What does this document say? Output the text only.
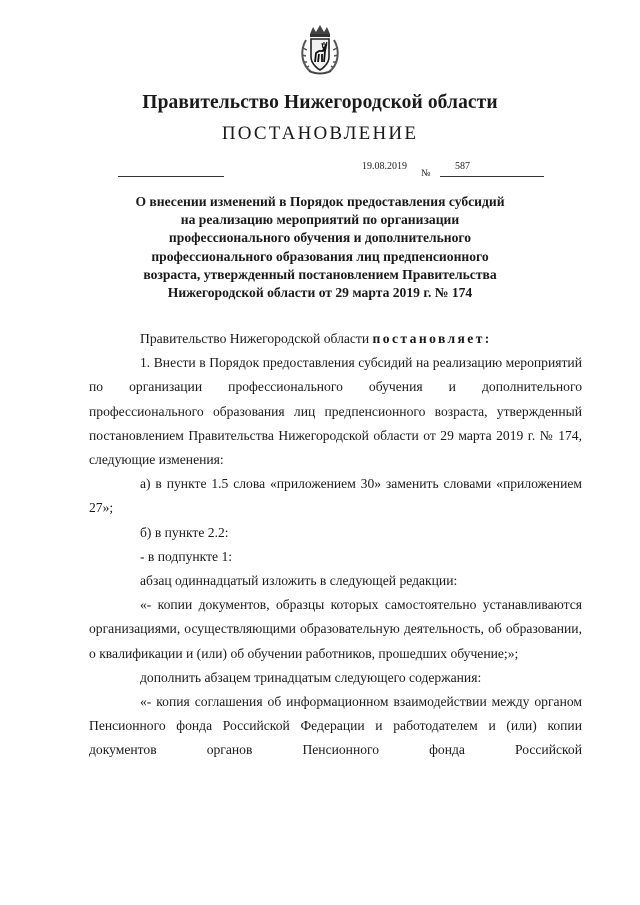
Правительство Нижегородской области
ПОСТАНОВЛЕНИЕ
19.08.2019
№
587
О внесении изменений в Порядок предоставления субсидий
на реализацию мероприятий по организации
профессионального обучения и дополнительного
профессионального образования лиц предпенсионного
возраста, утвержденный постановлением Правительства
Нижегородской области от 29 марта 2019 г. № 174

Правительство Нижегородской области постановляет:

1. Внести в Порядок предоставления субсидий на реализацию мероприятий по организации профессионального обучения и дополнительного профессионального образования лиц предпенсионного возраста, утвержденный постановлением Правительства Нижегородской области от 29 марта 2019 г. № 174, следующие изменения:

а) в пункте 1.5 слова «приложением 30» заменить словами «приложением 27»;

б) в пункте 2.2:

- в подпункте 1:

абзац одиннадцатый изложить в следующей редакции:

«- копии документов, образцы которых самостоятельно устанавливаются организациями, осуществляющими образовательную деятельность, об образовании, о квалификации и (или) об обучении работников, прошедших обучение;»;

дополнить абзацем тринадцатым следующего содержания:

«- копия соглашения об информационном взаимодействии между органом Пенсионного фонда Российской Федерации и работодателем и (или) копии документов органов Пенсионного фонда Российской
